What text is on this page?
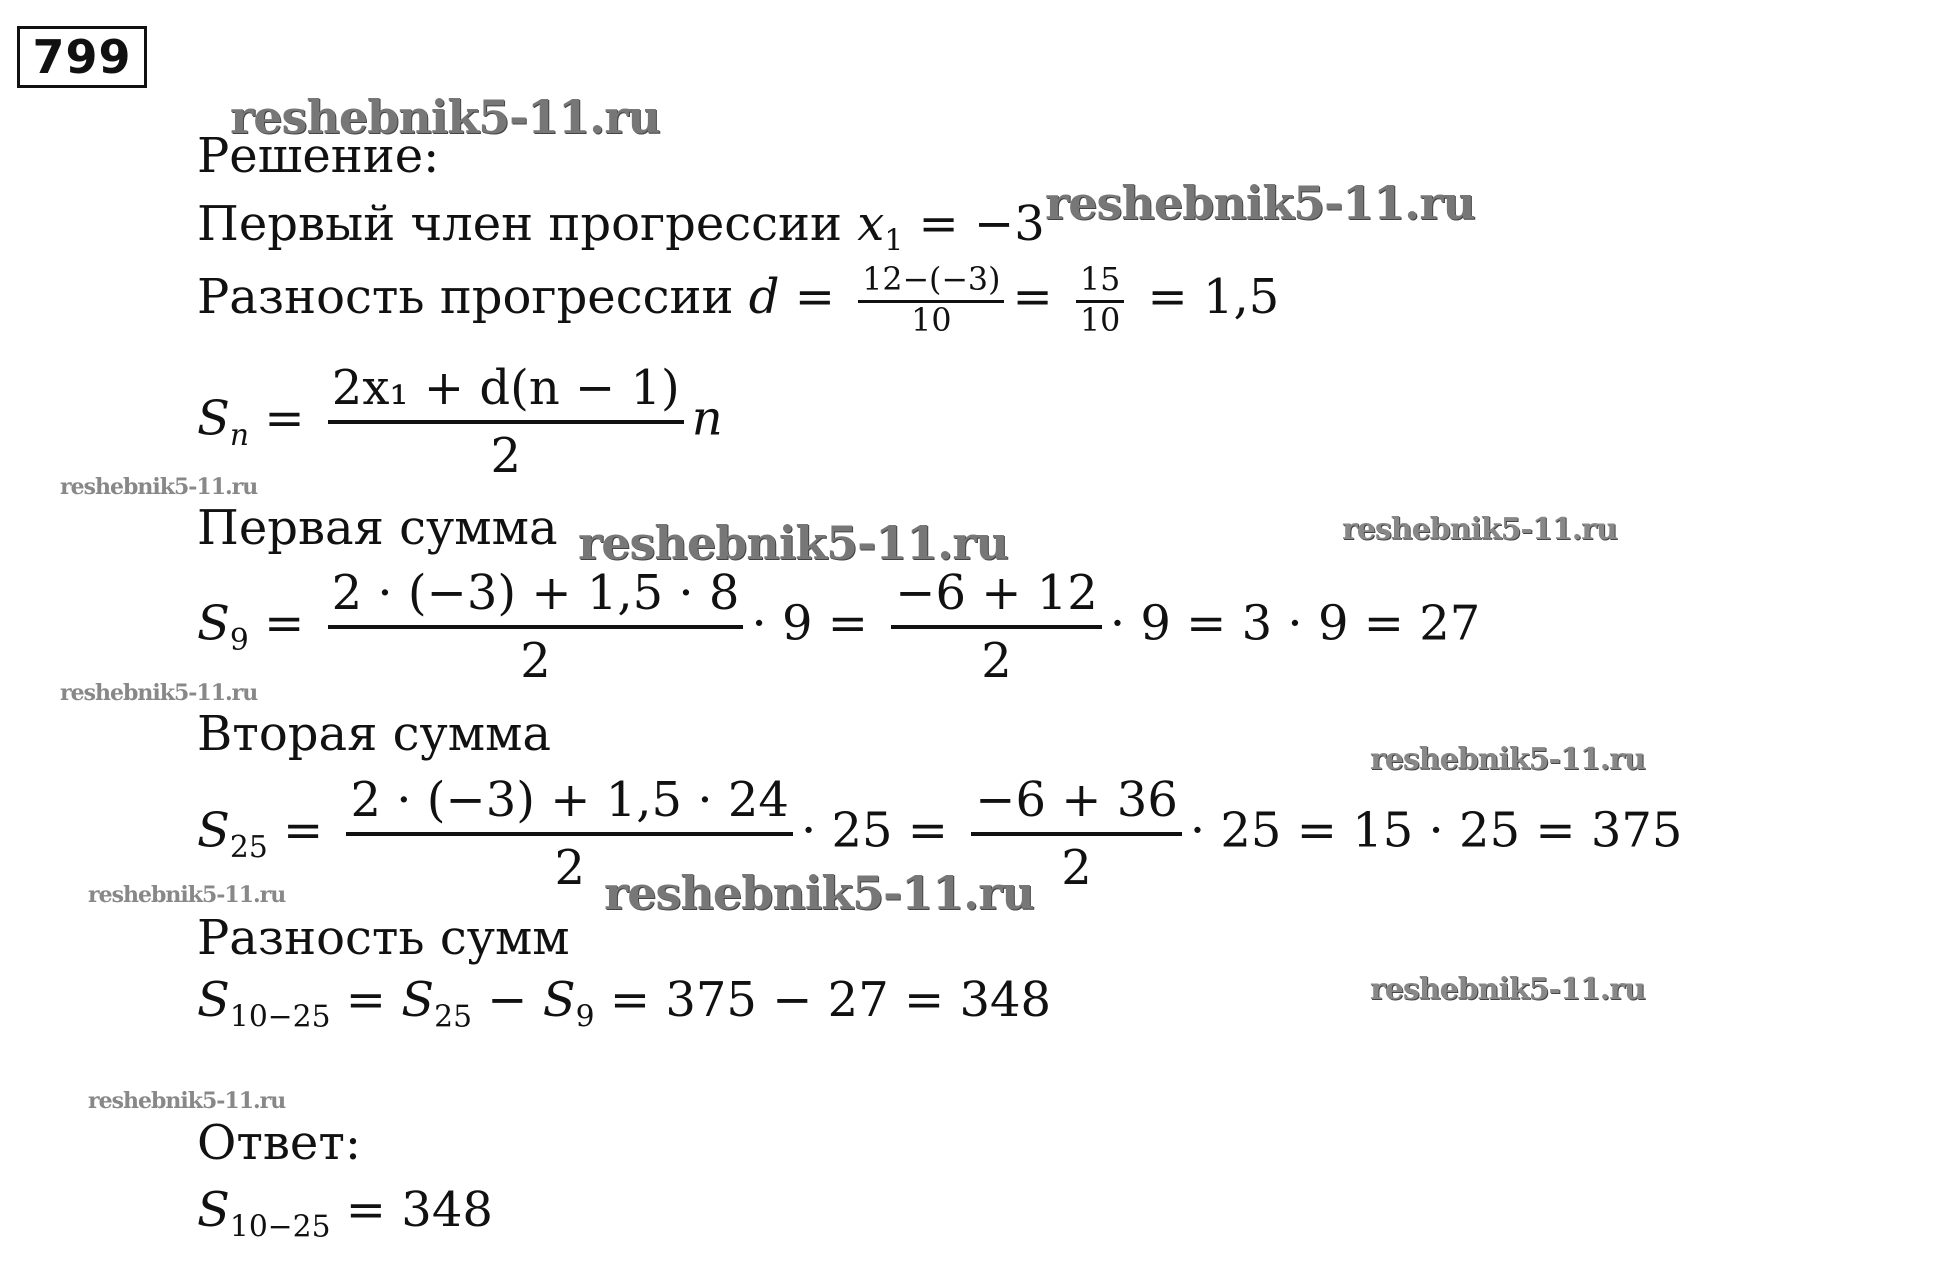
799
Решение:
Первый член прогрессии $x_1 = -3$
Разность прогрессии $d = \frac{12-(-3)}{10} = \frac{15}{10} = 1,5$
$S_n = \frac{\text{2x₁ + d(n − 1)}}{2}$ n
Первая сумма
$S_9 = \frac{2 \cdot (-3) + 1,5 \cdot 8}{2} \cdot 9 = \frac{-6 + 12}{2} \cdot 9 = 3 \cdot 9 = 27$
Вторая сумма
$S_{25} = \frac{2 \cdot (-3) + 1,5 \cdot 24}{2} \cdot 25 = \frac{-6 + 36}{2} \cdot 25 = 15 \cdot 25 = 375$
Разность сумм
$S_{10-25} = S_{25} - S_9 = 375 - 27 = 348$
Ответ:
$S_{10-25} = 348$
reshebnik5-11.ru
reshebnik5-11.ru
reshebnik5-11.ru
reshebnik5-11.ru	reshebnik5-11.ru
reshebnik5-11.ru
reshebnik5-11.ru
reshebnik5-11.ru	reshebnik5-11.ru
reshebnik5-11.ru
reshebnik5-11.ru
